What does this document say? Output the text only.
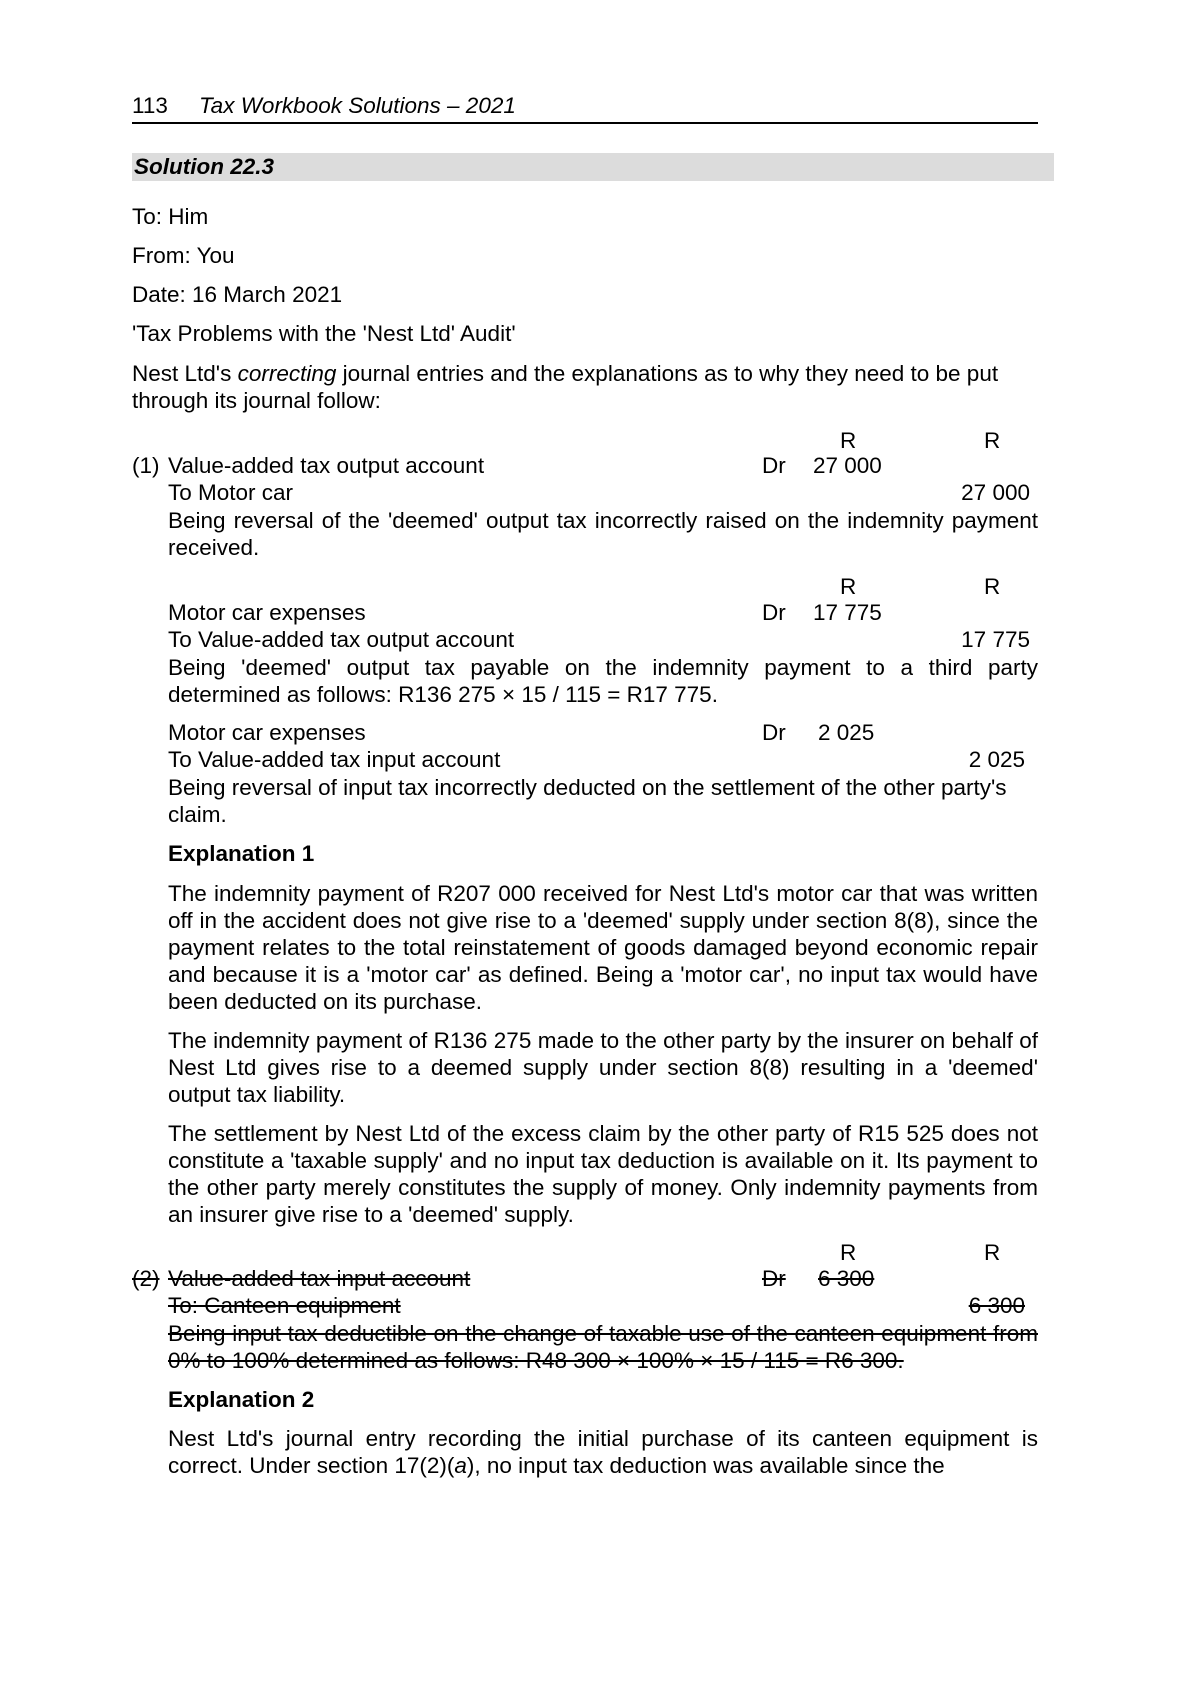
113 Tax Workbook Solutions – 2021
Solution 22.3
To: Him
From: You
Date: 16 March 2021
'Tax Problems with the 'Nest Ltd' Audit'
Nest Ltd's correcting journal entries and the explanations as to why they need to be put through its journal follow:
R	R
(1) Value-added tax output account	Dr 27 000
To Motor car	27 000
Being reversal of the 'deemed' output tax incorrectly raised on the indemnity payment received.
R	R
Motor car expenses	Dr 17 775
To Value-added tax output account	17 775
Being 'deemed' output tax payable on the indemnity payment to a third party determined as follows: R136 275 × 15 / 115 = R17 775.
Motor car expenses	Dr 2 025
To Value-added tax input account	2 025
Being reversal of input tax incorrectly deducted on the settlement of the other party's claim.
Explanation 1
The indemnity payment of R207 000 received for Nest Ltd's motor car that was written off in the accident does not give rise to a 'deemed' supply under section 8(8), since the payment relates to the total reinstatement of goods damaged beyond economic repair and because it is a 'motor car' as defined. Being a 'motor car', no input tax would have been deducted on its purchase.
The indemnity payment of R136 275 made to the other party by the insurer on behalf of Nest Ltd gives rise to a deemed supply under section 8(8) resulting in a 'deemed' output tax liability.
The settlement by Nest Ltd of the excess claim by the other party of R15 525 does not constitute a 'taxable supply' and no input tax deduction is available on it. Its payment to the other party merely constitutes the supply of money. Only indemnity payments from an insurer give rise to a 'deemed' supply.
R	R
(2) Value-added tax input account	Dr 6 300
To: Canteen equipment	6 300
Being input tax deductible on the change of taxable use of the canteen equipment from 0% to 100% determined as follows: R48 300 × 100% × 15 / 115 = R6 300.
Explanation 2
Nest Ltd's journal entry recording the initial purchase of its canteen equipment is correct. Under section 17(2)(a), no input tax deduction was available since the
